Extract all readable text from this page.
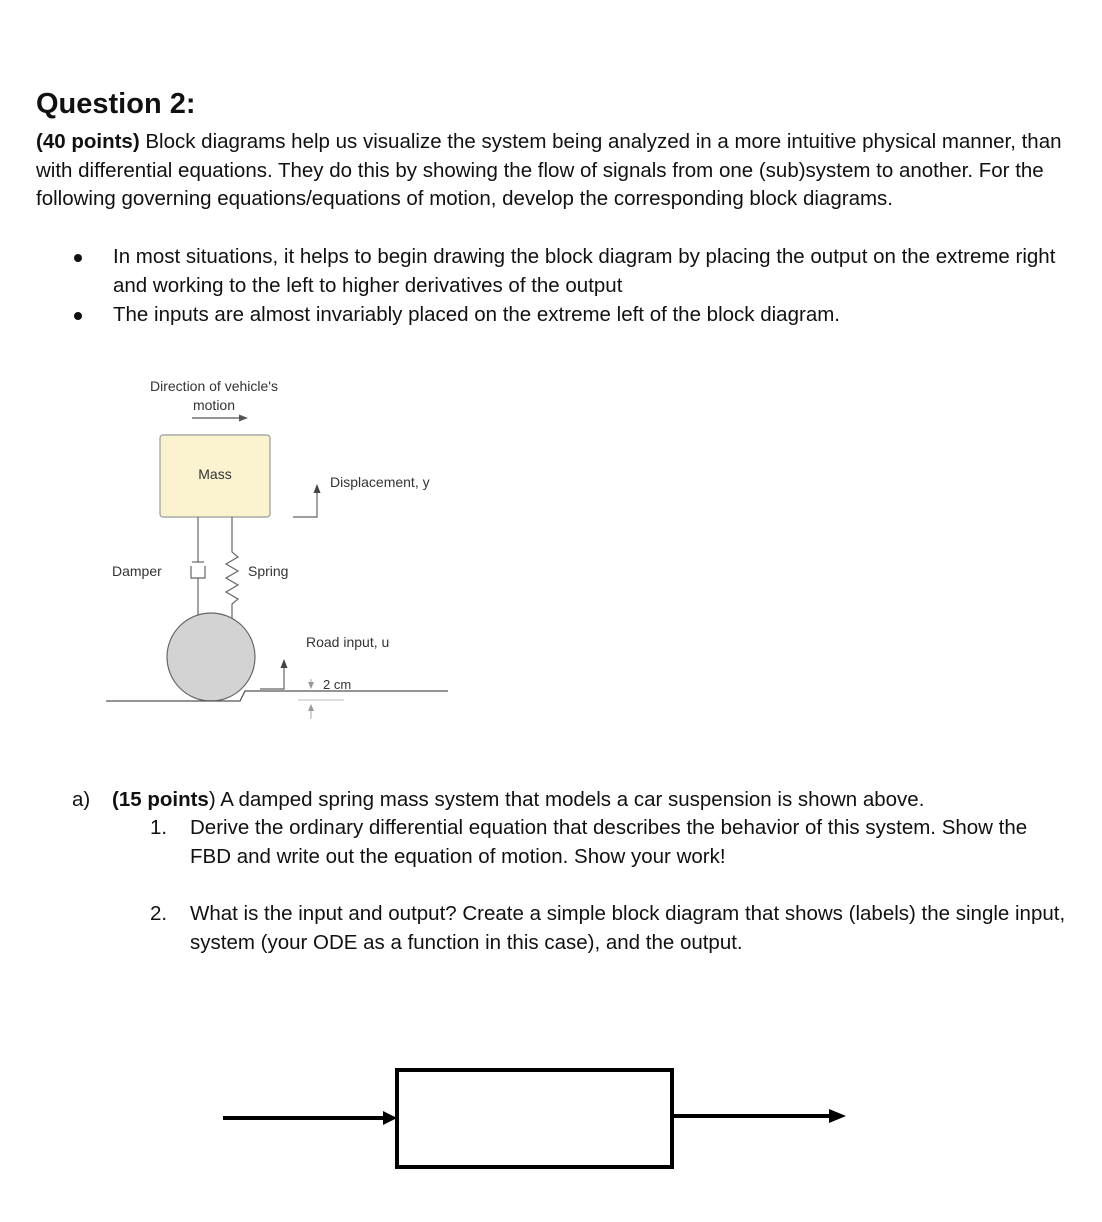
Question 2:

(40 points) Block diagrams help us visualize the system being analyzed in a more intuitive physical manner, than with differential equations. They do this by showing the flow of signals from one (sub)system to another. For the following governing equations/equations of motion, develop the corresponding block diagrams.

In most situations, it helps to begin drawing the block diagram by placing the output on the extreme right and working to the left to higher derivatives of the output
The inputs are almost invariably placed on the extreme left of the block diagram.
Direction of vehicle's
motion
Mass	Displacement, y
Damper	Spring
Road input, u
2 cm
a) (15 points) A damped spring mass system that models a car suspension is shown above.
1. Derive the ordinary differential equation that describes the behavior of this system. Show the FBD and write out the equation of motion. Show your work!
2. What is the input and output? Create a simple block diagram that shows (labels) the single input, system (your ODE as a function in this case), and the output.
